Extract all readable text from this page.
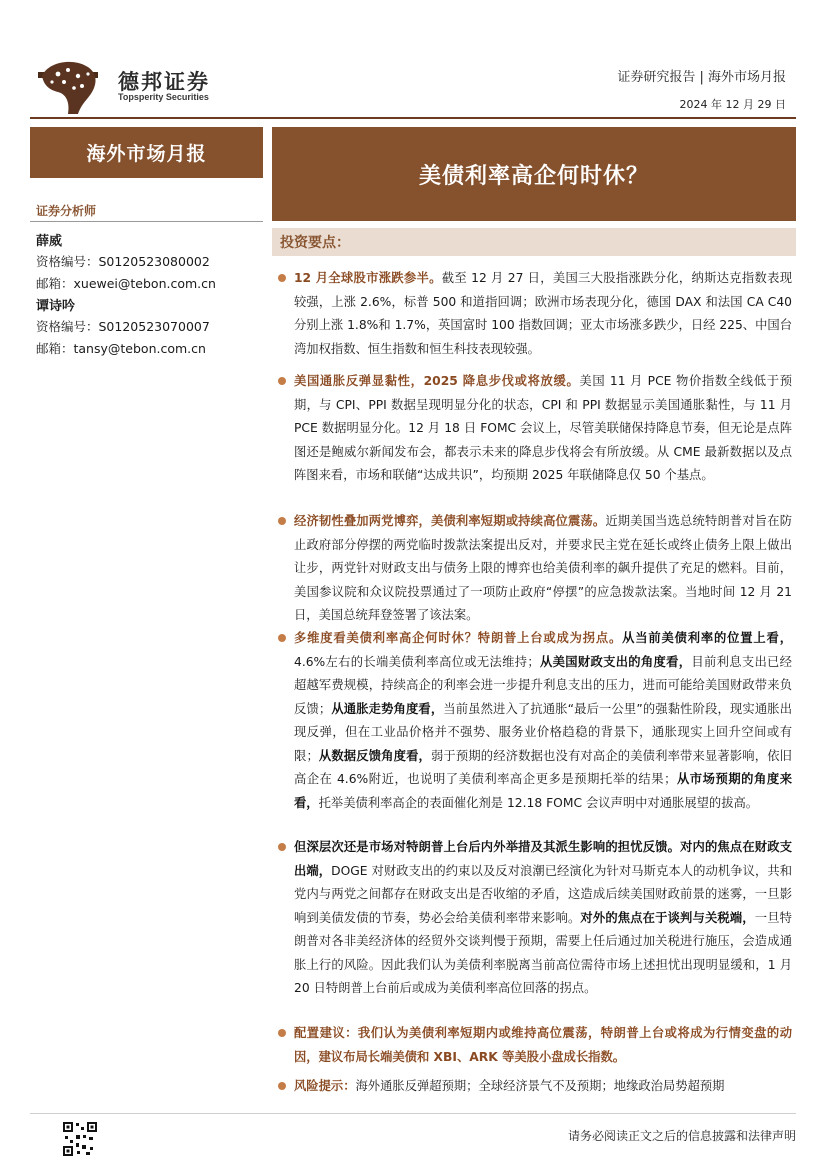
德邦证券
Topsperity Securities
证券研究报告 | 海外市场月报
2024 年 12 月 29 日
海外市场月报
证券分析师
薛威
资格编号：S0120523080002
邮箱：xuewei@tebon.com.cn
谭诗吟
资格编号：S0120523070007
邮箱：tansy@tebon.com.cn
美债利率高企何时休？
投资要点：
12 月全球股市涨跌参半。截至 12 月 27 日，美国三大股指涨跌分化，纳斯达克指数表现较强，上涨 2.6%，标普 500 和道指回调；欧洲市场表现分化，德国 DAX 和法国 CA C40 分别上涨 1.8%和 1.7%，英国富时 100 指数回调；亚太市场涨多跌少，日经 225、中国台湾加权指数、恒生指数和恒生科技表现较强。
美国通胀反弹显黏性，2025 降息步伐或将放缓。美国 11 月 PCE 物价指数全线低于预期，与 CPI、PPI 数据呈现明显分化的状态，CPI 和 PPI 数据显示美国通胀黏性，与 11 月 PCE 数据明显分化。12 月 18 日 FOMC 会议上，尽管美联储保持降息节奏，但无论是点阵图还是鲍威尔新闻发布会，都表示未来的降息步伐将会有所放缓。从 CME 最新数据以及点阵图来看，市场和联储“达成共识”，均预期 2025 年联储降息仅 50 个基点。
经济韧性叠加两党博弈，美债利率短期或持续高位震荡。近期美国当选总统特朗普对旨在防止政府部分停摆的两党临时拨款法案提出反对，并要求民主党在延长或终止债务上限上做出让步，两党针对财政支出与债务上限的博弈也给美债利率的飙升提供了充足的燃料。目前，美国参议院和众议院投票通过了一项防止政府“停摆”的应急拨款法案。当地时间 12 月 21 日，美国总统拜登签署了该法案。
多维度看美债利率高企何时休？特朗普上台或成为拐点。从当前美债利率的位置上看，4.6%左右的长端美债利率高位或无法维持；从美国财政支出的角度看，目前利息支出已经超越军费规模，持续高企的利率会进一步提升利息支出的压力，进而可能给美国财政带来负反馈；从通胀走势角度看，当前虽然进入了抗通胀“最后一公里”的强黏性阶段，现实通胀出现反弹，但在工业品价格并不强势、服务业价格趋稳的背景下，通胀现实上回升空间或有限；从数据反馈角度看，弱于预期的经济数据也没有对高企的美债利率带来显著影响，依旧高企在 4.6%附近，也说明了美债利率高企更多是预期托举的结果；从市场预期的角度来看，托举美债利率高企的表面催化剂是 12.18 FOMC 会议声明中对通胀展望的拔高。
但深层次还是市场对特朗普上台后内外举措及其派生影响的担忧反馈。对内的焦点在财政支出端，DOGE 对财政支出的约束以及反对浪潮已经演化为针对马斯克本人的动机争议，共和党内与两党之间都存在财政支出是否收缩的矛盾，这造成后续美国财政前景的迷雾，一旦影响到美债发债的节奏，势必会给美债利率带来影响。对外的焦点在于谈判与关税端，一旦特朗普对各非美经济体的经贸外交谈判慢于预期，需要上任后通过加关税进行施压，会造成通胀上行的风险。因此我们认为美债利率脱离当前高位需待市场上述担忧出现明显缓和，1 月 20 日特朗普上台前后或成为美债利率高位回落的拐点。
配置建议：我们认为美债利率短期内或维持高位震荡，特朗普上台或将成为行情变盘的动因，建议布局长端美债和 XBI、ARK 等美股小盘成长指数。
风险提示：海外通胀反弹超预期；全球经济景气不及预期；地缘政治局势超预期
请务必阅读正文之后的信息披露和法律声明
